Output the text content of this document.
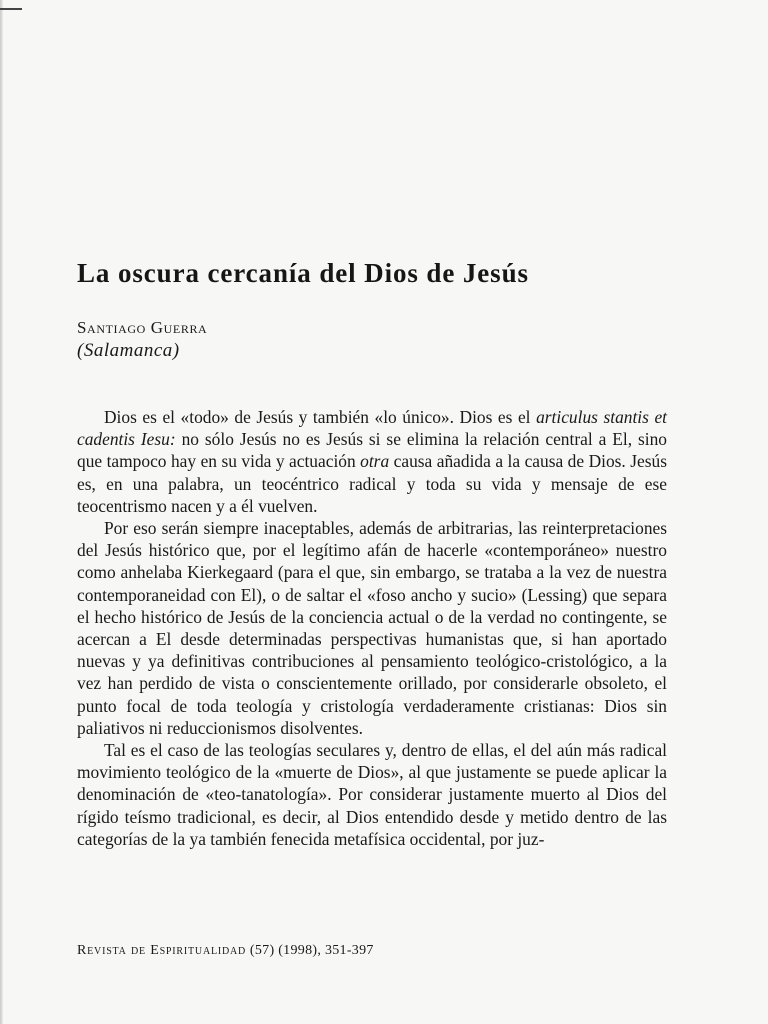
La oscura cercanía del Dios de Jesús
Santiago Guerra
(Salamanca)

Dios es el «todo» de Jesús y también «lo único». Dios es el articulus stantis et cadentis Iesu: no sólo Jesús no es Jesús si se elimina la relación central a El, sino que tampoco hay en su vida y actuación otra causa añadida a la causa de Dios. Jesús es, en una palabra, un teocéntrico radical y toda su vida y mensaje de ese teocentrismo nacen y a él vuelven.

Por eso serán siempre inaceptables, además de arbitrarias, las reinterpretaciones del Jesús histórico que, por el legítimo afán de hacerle «contemporáneo» nuestro como anhelaba Kierkegaard (para el que, sin embargo, se trataba a la vez de nuestra contemporaneidad con El), o de saltar el «foso ancho y sucio» (Lessing) que separa el hecho histórico de Jesús de la conciencia actual o de la verdad no contingente, se acercan a El desde determinadas perspectivas humanistas que, si han aportado nuevas y ya definitivas contribuciones al pensamiento teológico-cristológico, a la vez han perdido de vista o conscientemente orillado, por considerarle obsoleto, el punto focal de toda teología y cristología verdaderamente cristianas: Dios sin paliativos ni reduccionismos disolventes.

Tal es el caso de las teologías seculares y, dentro de ellas, el del aún más radical movimiento teológico de la «muerte de Dios», al que justamente se puede aplicar la denominación de «teo-tanatología». Por considerar justamente muerto al Dios del rígido teísmo tradicional, es decir, al Dios entendido desde y metido dentro de las categorías de la ya también fenecida metafísica occidental, por juz-

Revista de Espiritualidad (57) (1998), 351-397
